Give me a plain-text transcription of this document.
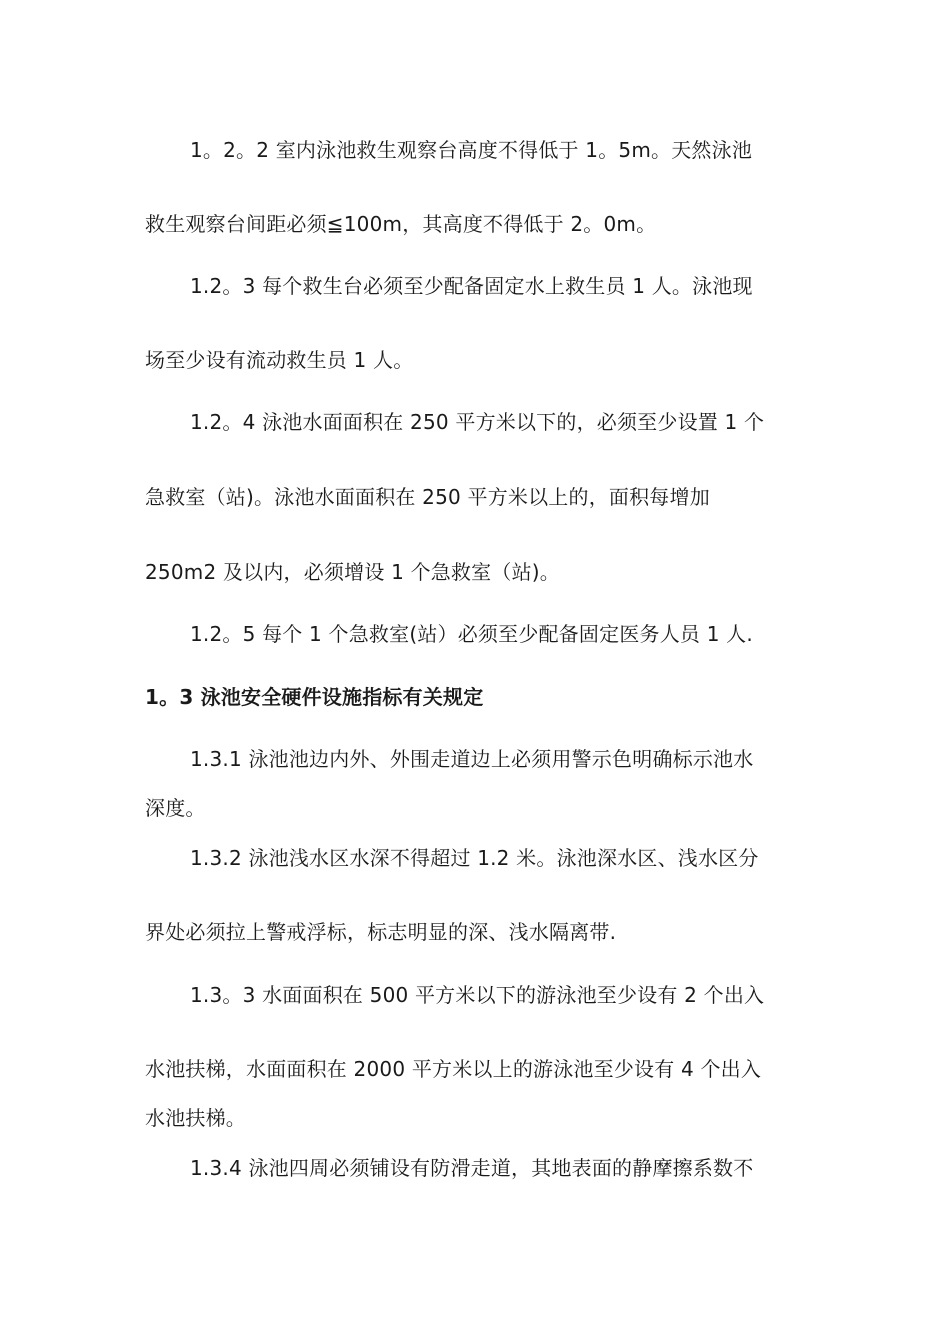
1。2。2 室内泳池救生观察台高度不得低于 1。5m。天然泳池
救生观察台间距必须≦100m，其高度不得低于 2。0m。
1.2。3 每个救生台必须至少配备固定水上救生员 1 人。泳池现
场至少设有流动救生员 1 人。
1.2。4 泳池水面面积在 250 平方米以下的，必须至少设置 1 个
急救室（站)。泳池水面面积在 250 平方米以上的，面积每增加
250m2 及以内，必须增设 1 个急救室（站)。
1.2。5 每个 1 个急救室(站）必须至少配备固定医务人员 1 人.
1。3 泳池安全硬件设施指标有关规定
1.3.1 泳池池边内外、外围走道边上必须用警示色明确标示池水
深度。
1.3.2 泳池浅水区水深不得超过 1.2 米。泳池深水区、浅水区分
界处必须拉上警戒浮标，标志明显的深、浅水隔离带.
1.3。3 水面面积在 500 平方米以下的游泳池至少设有 2 个出入
水池扶梯，水面面积在 2000 平方米以上的游泳池至少设有 4 个出入
水池扶梯。
1.3.4 泳池四周必须铺设有防滑走道，其地表面的静摩擦系数不
